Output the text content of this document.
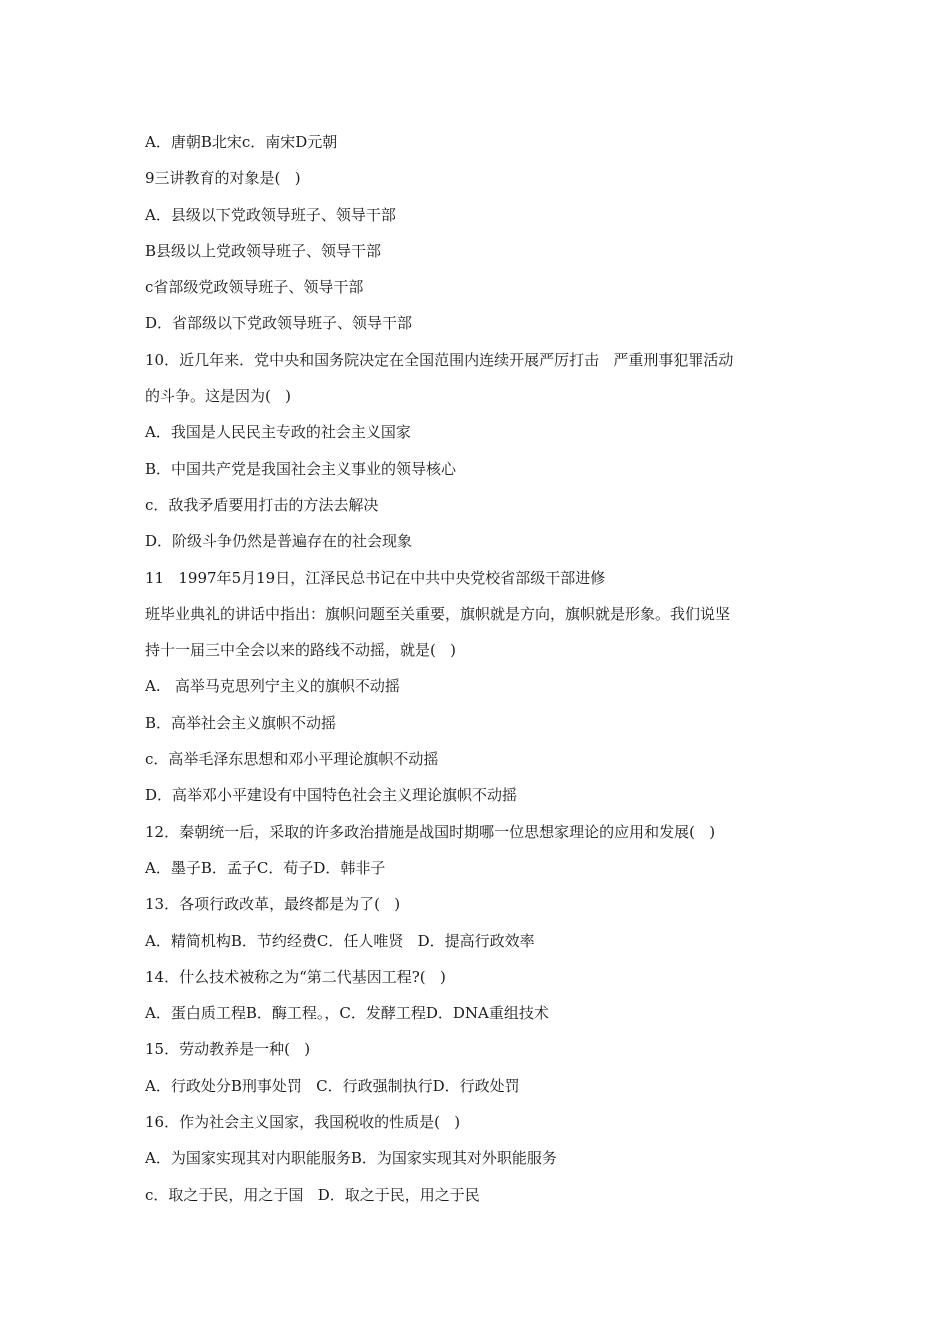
A．唐朝B北宋c．南宋D元朝
9三讲教育的对象是(   )
A．县级以下党政领导班子、领导干部
B县级以上党政领导班子、领导干部
c省部级党政领导班子、领导干部
D．省部级以下党政领导班子、领导干部
10．近几年来．党中央和国务院决定在全国范围内连续开展严厉打击   严重刑事犯罪活动
的斗争。这是因为(   )
A．我国是人民民主专政的社会主义国家
B．中国共产党是我国社会主义事业的领导核心
c．敌我矛盾要用打击的方法去解决
D．阶级斗争仍然是普遍存在的社会现象
11   1997年5月19日，江泽民总书记在中共中央党校省部级干部进修
班毕业典礼的讲话中指出：旗帜问题至关重要，旗帜就是方向，旗帜就是形象。我们说坚
持十一届三中全会以来的路线不动摇，就是(   )
A.   高举马克思列宁主义的旗帜不动摇
B．高举社会主义旗帜不动摇
c．高举毛泽东思想和邓小平理论旗帜不动摇
D．高举邓小平建设有中国特色社会主义理论旗帜不动摇
12．秦朝统一后，采取的许多政治措施是战国时期哪一位思想家理论的应用和发展(   )
A．墨子B．孟子C．荀子D．韩非子
13．各项行政改革，最终都是为了(   )
A．精简机构B．节约经费C．任人唯贤   D．提高行政效率
14．什么技术被称之为“第二代基因工程?(   )
A．蛋白质工程B．酶工程。，C．发酵工程D．DNA重组技术
15．劳动教养是一种(   )
A．行政处分B刑事处罚   C．行政强制执行D．行政处罚
16．作为社会主义国家，我国税收的性质是(   )
A．为国家实现其对内职能服务B．为国家实现其对外职能服务
c．取之于民，用之于国   D．取之于民，用之于民
